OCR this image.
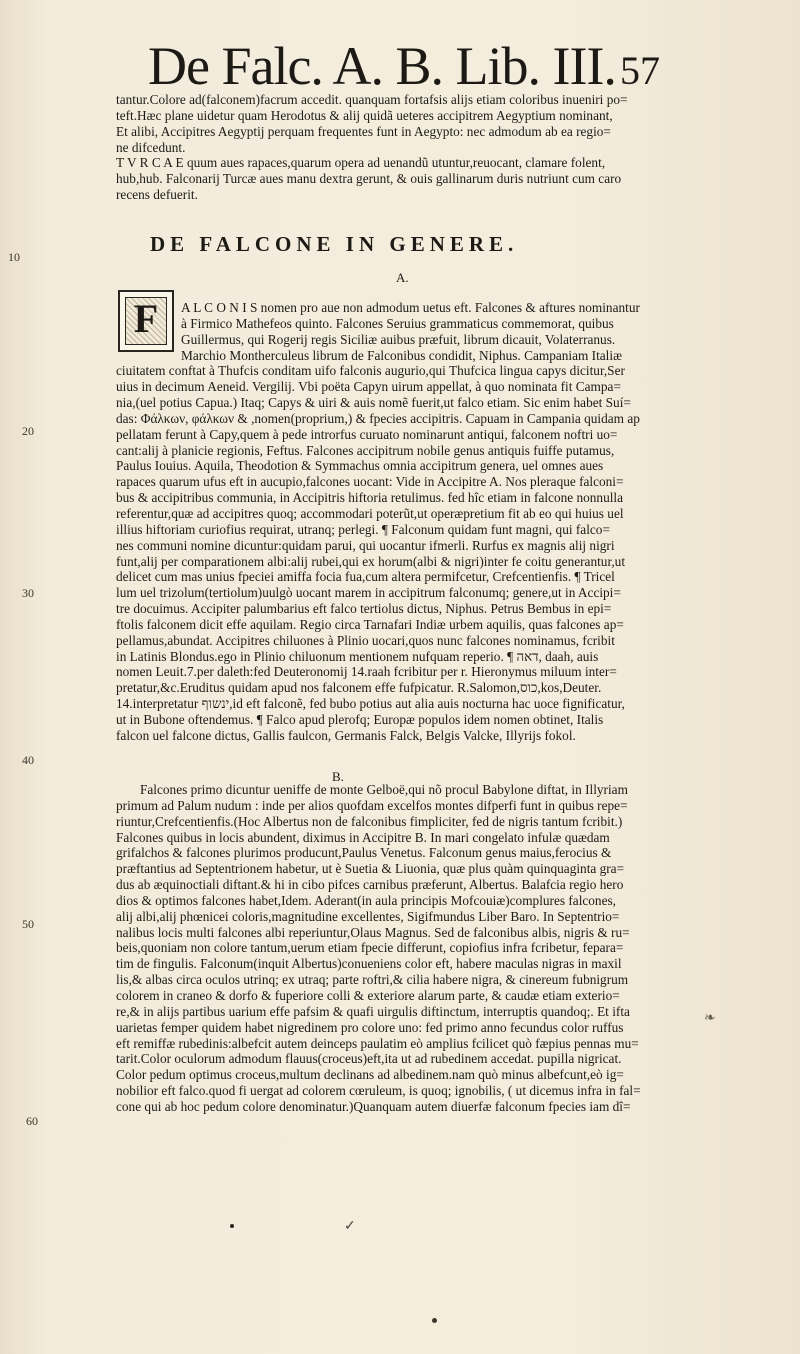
De Falc. A. B. Lib. III. 57
tantur.Colore ad(falconem)facrum accedit. quanquam fortafsis alijs etiam coloribus inueniri po=
teft.Hæc plane uidetur quam Herodotus & alij quidã ueteres accipitrem Aegyptium nominant,
Et alibi, Accipitres Aegyptij perquam frequentes funt in Aegypto: nec admodum ab ea regio=
ne difcedunt.
T V R C A E quum aues rapaces,quarum opera ad uenandũ utuntur,reuocant, clamare folent,
hub,hub. Falconarij Turcæ aues manu dextra gerunt, & ouis gallinarum duris nutriunt cum caro
recens defuerit.
10
DE FALCONE IN GENERE.
A.
F	A L C O N I S nomen pro aue non admodum uetus eft. Falcones & aftures nominantur
à Firmico Mathefeos quinto. Falcones Seruius grammaticus commemorat, quibus
Guillermus, qui Rogerij regis Siciliæ auibus præfuit, librum dicauit, Volaterranus.
Marchio Montherculeus librum de Falconibus condidit, Niphus. Campaniam Italiæ
ciuitatem conftat à Thufcis conditam uifo falconis augurio,qui Thufcica lingua capys dicitur,Ser
uius in decimum Aeneid. Vergilij. Vbi poëta Capyn uirum appellat, à quo nominata fit Campa=
nia,(uel potius Capua.) Itaq; Capys & uiri & auis nomẽ fuerit,ut falco etiam. Sic enim habet Suí=
das: Φάλκων, φάλκων & ,nomen(proprium,) & fpecies accipitris. Capuam in Campania quidam ap
pellatam ferunt à Capy,quem à pede introrfus curuato nominarunt antiqui, falconem noftri uo=
cant:alij à planicie regionis, Feftus. Falcones accipitrum nobile genus antiquis fuiffe putamus,
Paulus Iouius. Aquila, Theodotion & Symmachus omnia accipitrum genera, uel omnes aues
rapaces quarum ufus eft in aucupio,falcones uocant: Vide in Accipitre A. Nos pleraque falconi=
bus & accipitribus communia, in Accipitris hiftoria retulimus. fed hîc etiam in falcone nonnulla
referentur,quæ ad accipitres quoq; accommodari poterũt,ut operæpretium fit ab eo qui huius uel
illius hiftoriam curiofius requirat, utranq; perlegi. ¶ Falconum quidam funt magni, qui falco=
nes communi nomine dicuntur:quidam parui, qui uocantur ifmerli. Rurfus ex magnis alij nigri
funt,alij per comparationem albi:alij rubei,qui ex horum(albi & nigri)inter fe coitu generantur,ut
delicet cum mas unius fpeciei amiffa focia fua,cum altera permifcetur, Crefcentienfis. ¶ Tricel
lum uel trizolum(tertiolum)uulgò uocant marem in accipitrum falconumq; genere,ut in Accipi=
tre docuimus. Accipiter palumbarius eft falco tertiolus dictus, Niphus. Petrus Bembus in epi=
ftolis falconem dicit effe aquilam. Regio circa Tarnafari Indiæ urbem aquilis, quas falcones ap=
pellamus,abundat. Accipitres chiluones à Plinio uocari,quos nunc falcones nominamus, fcribit
in Latinis Blondus.ego in Plinio chiluonum mentionem nufquam reperio. ¶ דאה, daah, auis
nomen Leuit.7.per daleth:fed Deuteronomij 14.raah fcribitur per r. Hieronymus miluum inter=
pretatur,&c.Eruditus quidam apud nos falconem effe fufpicatur. R.Salomon,כוס,kos,Deuter.
14.interpretatur ינשוף,id eft falconẽ, fed bubo potius aut alia auis nocturna hac uoce fignificatur,
ut in Bubone oftendemus. ¶ Falco apud plerofq; Europæ populos idem nomen obtinet, Italis
falcon uel falcone dictus, Gallis faulcon, Germanis Falck, Belgis Valcke, Illyrijs fokol.
20
30
40
B.
Falcones primo dicuntur ueniffe de monte Gelboë,qui nõ procul Babylone diftat, in Illyriam
primum ad Palum nudum : inde per alios quofdam excelfos montes difperfi funt in quibus repe=
riuntur,Crefcentienfis.(Hoc Albertus non de falconibus fimpliciter, fed de nigris tantum fcribit.)
Falcones quibus in locis abundent, diximus in Accipitre B. In mari congelato infulæ quædam
grifalchos & falcones plurimos producunt,Paulus Venetus. Falconum genus maius,ferocius &
præftantius ad Septentrionem habetur, ut è Suetia & Liuonia, quæ plus quàm quinquaginta gra=
dus ab æquinoctiali diftant.& hi in cibo pifces carnibus præferunt, Albertus. Balafcia regio hero
dios & optimos falcones habet,Idem. Aderant(in aula principis Mofcouiæ)complures falcones,
alij albi,alij phœnicei coloris,magnitudine excellentes, Sigifmundus Liber Baro. In Septentrio=
nalibus locis multi falcones albi reperiuntur,Olaus Magnus. Sed de falconibus albis, nigris & ru=
beis,quoniam non colore tantum,uerum etiam fpecie differunt, copiofius infra fcribetur, fepara=
tim de fingulis. Falconum(inquit Albertus)conueniens color eft, habere maculas nigras in maxil
lis,& albas circa oculos utrinq; ex utraq; parte roftri,& cilia habere nigra, & cinereum fubnigrum
colorem in craneo & dorfo & fuperiore colli & exteriore alarum parte, & caudæ etiam exterio=
re,& in alijs partibus uarium effe pafsim & quafi uirgulis diftinctum, interruptis quandoq;. Et ifta
uarietas femper quidem habet nigredinem pro colore uno: fed primo anno fecundus color ruffus
eft remiffæ rubedinis:albefcit autem deinceps paulatim eò amplius fcilicet quò fæpius pennas mu=
tarit.Color oculorum admodum flauus(croceus)eft,ita ut ad rubedinem accedat. pupilla nigricat.
Color pedum optimus croceus,multum declinans ad albedinem.nam quò minus albefcunt,eò ig=
nobilior eft falco.quod fi uergat ad colorem cœruleum, is quoq; ignobilis, ( ut dicemus infra in fal=
cone qui ab hoc pedum colore denominatur.)Quanquam autem diuerfæ falconum fpecies iam dî=
50
60
❧
✓
